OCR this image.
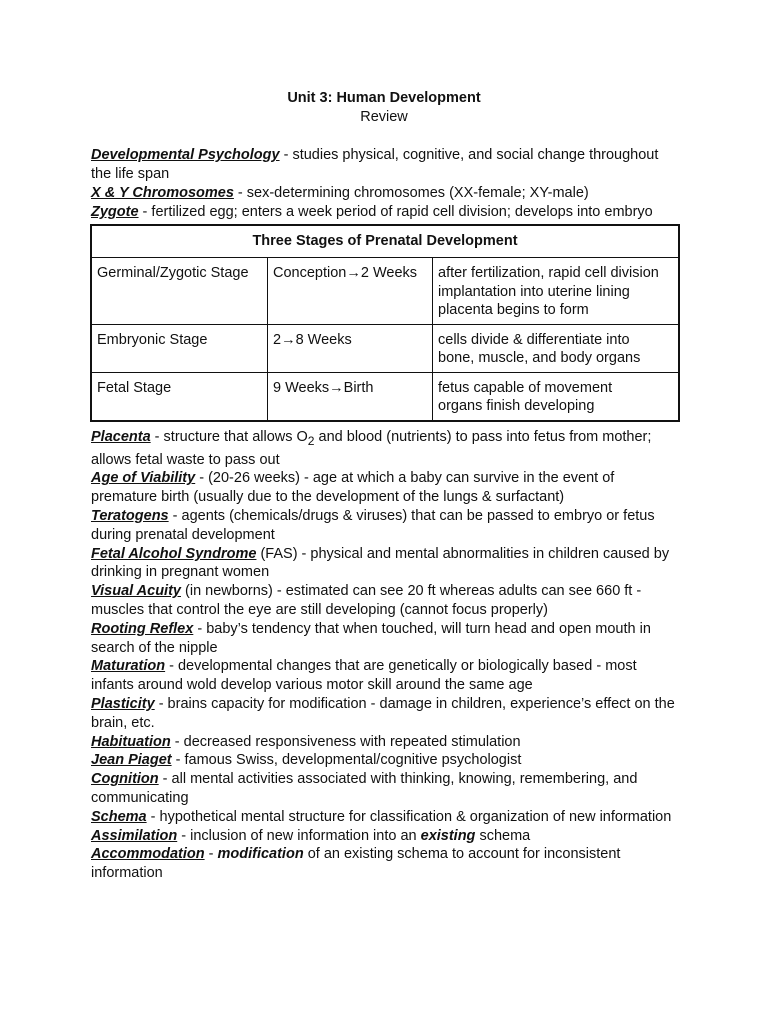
Unit 3: Human Development
Review

Developmental Psychology - studies physical, cognitive, and social change throughout the life span

X & Y Chromosomes - sex-determining chromosomes (XX-female; XY-male)

Zygote - fertilized egg; enters a week period of rapid cell division; develops into embryo

Three Stages of Prenatal Development		
Germinal/Zygotic Stage	Conception→2 Weeks	after fertilization, rapid cell division
implantation into uterine lining
placenta begins to form

Embryonic Stage	2→8 Weeks	cells divide & differentiate into
bone, muscle, and body organs

Fetal Stage	9 Weeks→Birth	fetus capable of movement
organs finish developing

Placenta - structure that allows $O_2$ and blood (nutrients) to pass into fetus from mother; allows fetal waste to pass out

Age of Viability - (20-26 weeks) - age at which a baby can survive in the event of premature birth (usually due to the development of the lungs & surfactant)

Teratogens - agents (chemicals/drugs & viruses) that can be passed to embryo or fetus during prenatal development

Fetal Alcohol Syndrome (FAS) - physical and mental abnormalities in children caused by drinking in pregnant women

Visual Acuity (in newborns) - estimated can see 20 ft whereas adults can see 660 ft - muscles that control the eye are still developing (cannot focus properly)

Rooting Reflex - baby’s tendency that when touched, will turn head and open mouth in search of the nipple

Maturation - developmental changes that are genetically or biologically based - most infants around wold develop various motor skill around the same age

Plasticity - brains capacity for modification - damage in children, experience’s effect on the brain, etc.

Habituation - decreased responsiveness with repeated stimulation

Jean Piaget - famous Swiss, developmental/cognitive psychologist

Cognition - all mental activities associated with thinking, knowing, remembering, and communicating

Schema - hypothetical mental structure for classification & organization of new information

Assimilation - inclusion of new information into an existing schema

Accommodation - modification of an existing schema to account for inconsistent information
